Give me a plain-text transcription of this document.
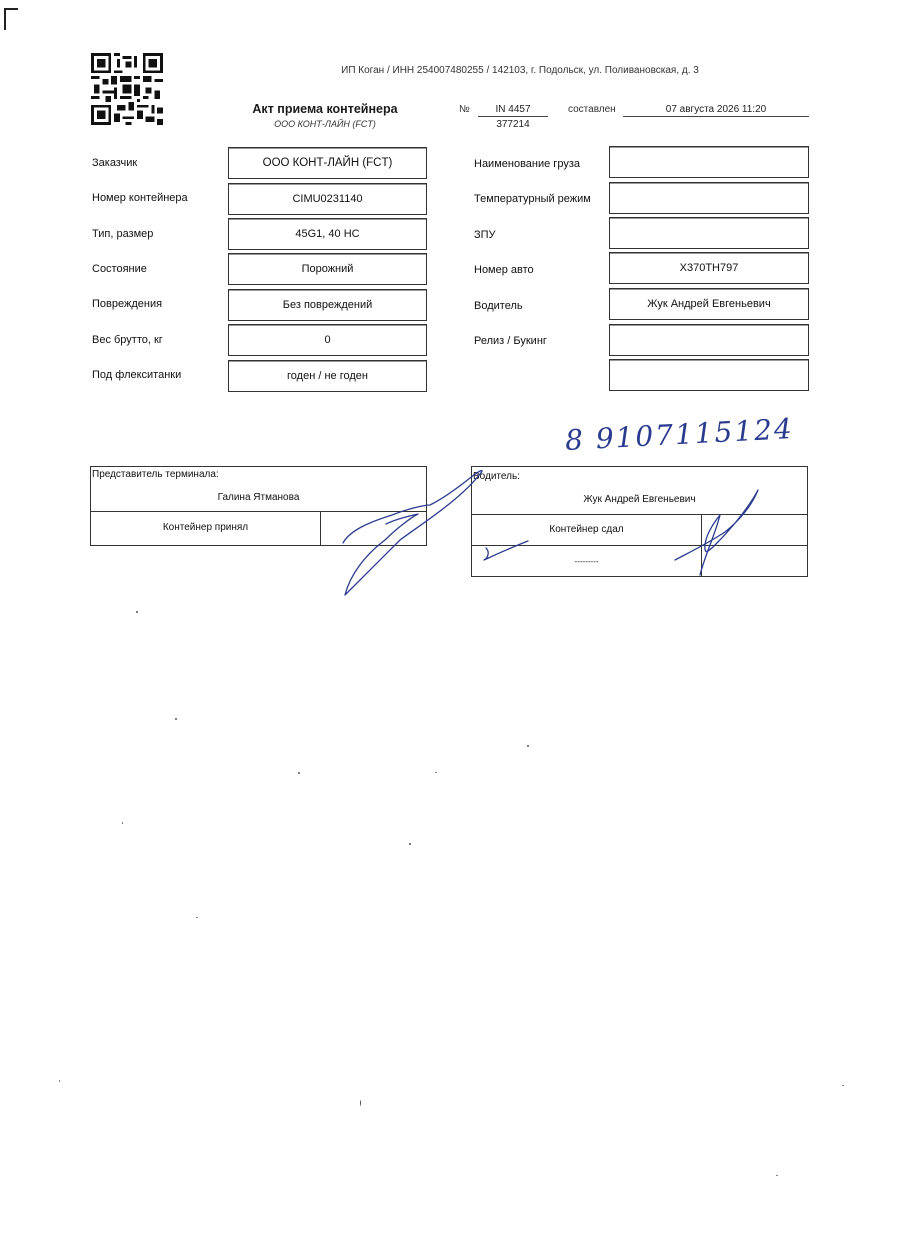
ИП Коган / ИНН 254007480255 / 142103, г. Подольск, ул. Поливановская, д. 3
Акт приема контейнера
ООО КОНТ-ЛАЙН (FCT)
№	IN 4457
377214
составлен	07 августа 2026 11:20
Заказчик	ООО КОНТ-ЛАЙН (FCT)
Номер контейнера	CIMU0231140
Тип, размер	45G1, 40 HC
Состояние	Порожний
Повреждения	Без повреждений
Вес брутто, кг	0
Под флекситанки	годен / не годен
Наименование груза
Температурный режим
ЗПУ
Номер авто	Х370ТН797
Водитель	Жук Андрей Евгеньевич
Релиз / Букинг
8 9107115124
Представитель терминала:
Галина Ятманова
Контейнер принял
Водитель:
Жук Андрей Евгеньевич
Контейнер сдал
---------
